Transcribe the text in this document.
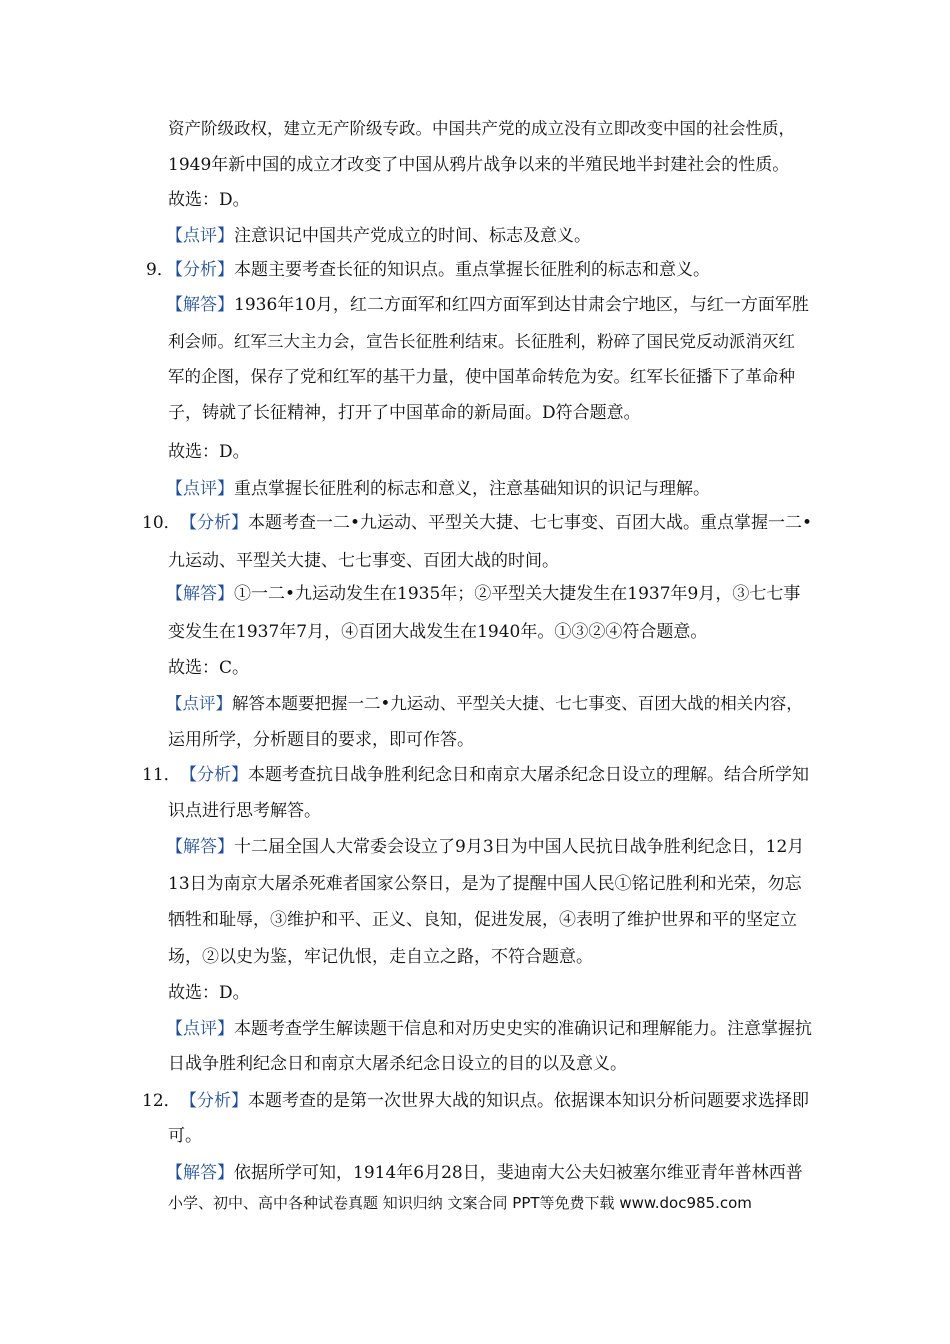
资产阶级政权，建立无产阶级专政。中国共产党的成立没有立即改变中国的社会性质，
1949年新中国的成立才改变了中国从鸦片战争以来的半殖民地半封建社会的性质。
故选：D。
【点评】注意识记中国共产党成立的时间、标志及意义。
9．
【分析】本题主要考查长征的知识点。重点掌握长征胜利的标志和意义。
【解答】1936年10月，红二方面军和红四方面军到达甘肃会宁地区，与红一方面军胜
利会师。红军三大主力会，宣告长征胜利结束。长征胜利，粉碎了国民党反动派消灭红
军的企图，保存了党和红军的基干力量，使中国革命转危为安。红军长征播下了革命种
子，铸就了长征精神，打开了中国革命的新局面。D符合题意。
故选：D。
【点评】重点掌握长征胜利的标志和意义，注意基础知识的识记与理解。
10． 【分析】本题考查一二•九运动、平型关大捷、七七事变、百团大战。重点掌握一二•
九运动、平型关大捷、七七事变、百团大战的时间。
【解答】①一二•九运动发生在1935年；②平型关大捷发生在1937年9月，③七七事
变发生在1937年7月，④百团大战发生在1940年。①③②④符合题意。
故选：C。
【点评】解答本题要把握一二•九运动、平型关大捷、七七事变、百团大战的相关内容，
运用所学，分析题目的要求，即可作答。
11． 【分析】本题考查抗日战争胜利纪念日和南京大屠杀纪念日设立的理解。结合所学知
识点进行思考解答。
【解答】十二届全国人大常委会设立了9月3日为中国人民抗日战争胜利纪念日，12月
13日为南京大屠杀死难者国家公祭日，是为了提醒中国人民①铭记胜利和光荣，勿忘
牺牲和耻辱，③维护和平、正义、良知，促进发展，④表明了维护世界和平的坚定立
场，②以史为鉴，牢记仇恨，走自立之路，不符合题意。
故选：D。
【点评】本题考查学生解读题干信息和对历史史实的准确识记和理解能力。注意掌握抗
日战争胜利纪念日和南京大屠杀纪念日设立的目的以及意义。
12． 【分析】本题考查的是第一次世界大战的知识点。依据课本知识分析问题要求选择即
可。
【解答】依据所学可知，1914年6月28日，斐迪南大公夫妇被塞尔维亚青年普林西普
小学、初中、高中各种试卷真题 知识归纳 文案合同 PPT等免费下载 www.doc985.com
